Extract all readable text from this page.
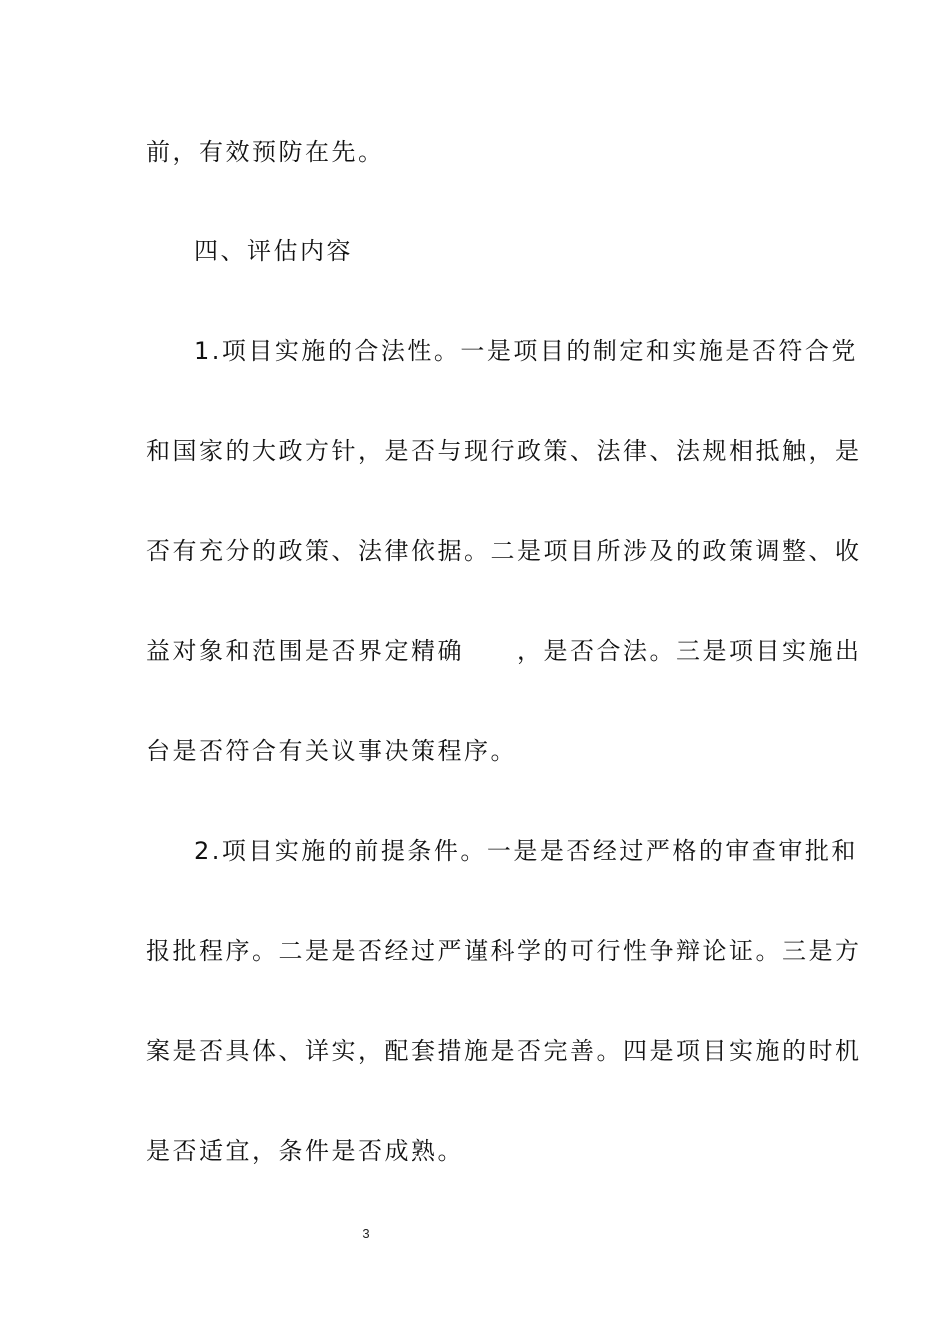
前，有效预防在先。
四、评估内容
1.项目实施的合法性。一是项目的制定和实施是否符合党
和国家的大政方针，是否与现行政策、法律、法规相抵触，是
否有充分的政策、法律依据。二是项目所涉及的政策调整、收
益对象和范围是否界定精确　　，是否合法。三是项目实施出
台是否符合有关议事决策程序。
2.项目实施的前提条件。一是是否经过严格的审查审批和
报批程序。二是是否经过严谨科学的可行性争辩论证。三是方
案是否具体、详实，配套措施是否完善。四是项目实施的时机
是否适宜，条件是否成熟。
3
